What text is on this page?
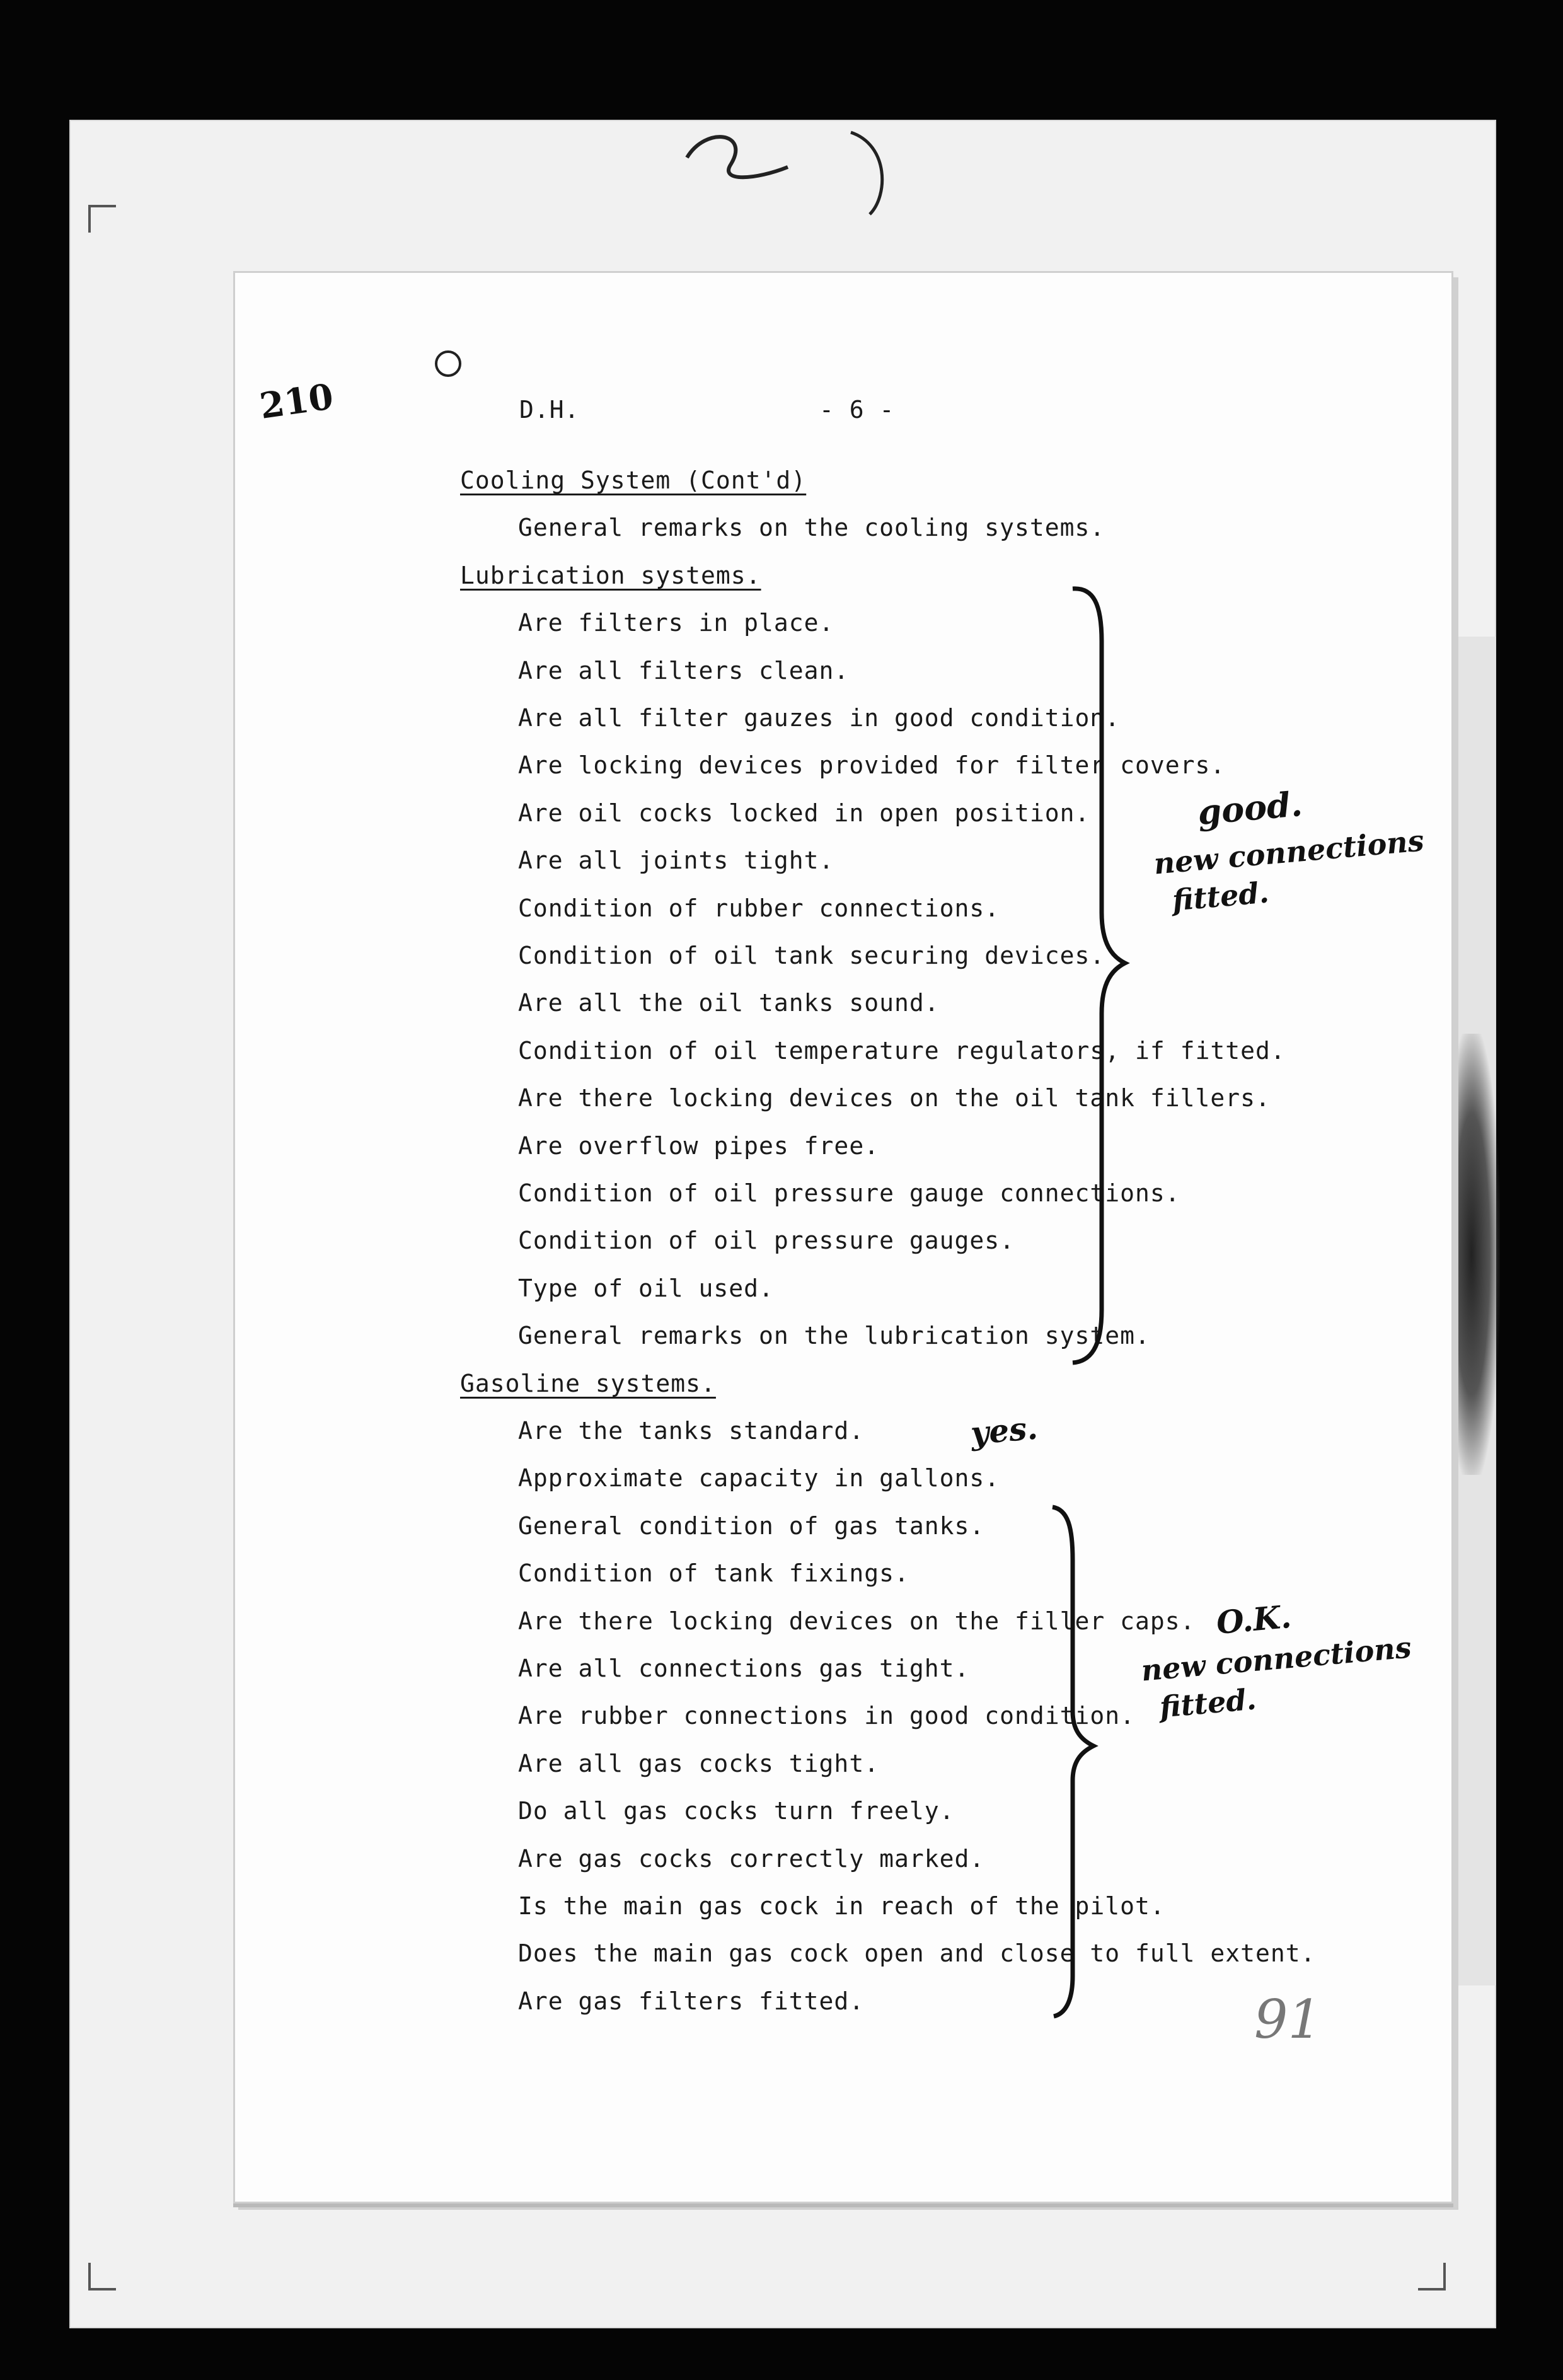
210	D.H.	- 6 -
Cooling System (Cont'd)
General remarks on the cooling systems.
Lubrication systems.
Are filters in place.
Are all filters clean.
Are all filter gauzes in good condition.
Are locking devices provided for filter covers.
Are oil cocks locked in open position.
Are all joints tight.
Condition of rubber connections.
Condition of oil tank securing devices.
Are all the oil tanks sound.
Condition of oil temperature regulators, if fitted.
Are there locking devices on the oil tank fillers.
Are overflow pipes free.
Condition of oil pressure gauge connections.
Condition of oil pressure gauges.
Type of oil used.
General remarks on the lubrication system.
Gasoline systems.
Are the tanks standard.
Approximate capacity in gallons.
General condition of gas tanks.
Condition of tank fixings.
Are there locking devices on the filler caps.
Are all connections gas tight.
Are rubber connections in good condition.
Are all gas cocks tight.
Do all gas cocks turn freely.
Are gas cocks correctly marked.
Is the main gas cock in reach of the pilot.
Does the main gas cock open and close to full extent.
Are gas filters fitted.
good.
new connections
fitted.
yes.
O.K.
new connections
fitted.
91
